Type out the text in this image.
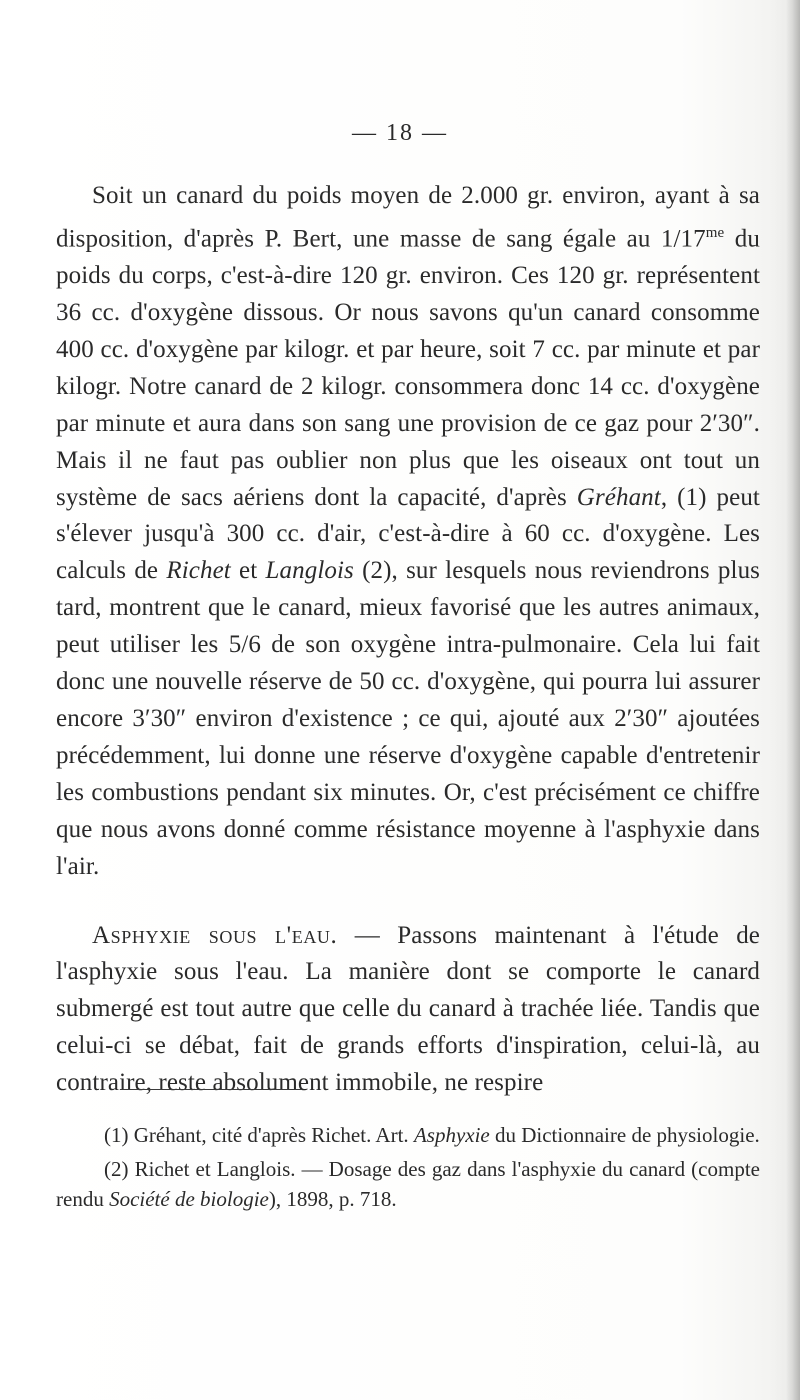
— 18 —

Soit un canard du poids moyen de 2.000 gr. environ, ayant à sa disposition, d'après P. Bert, une masse de sang égale au $1/17^{me}$ du poids du corps, c'est-à-dire 120 gr. environ. Ces 120 gr. représentent 36 cc. d'oxygène dissous. Or nous savons qu'un canard consomme 400 cc. d'oxygène par kilogr. et par heure, soit 7 cc. par minute et par kilogr. Notre canard de 2 kilogr. consommera donc 14 cc. d'oxygène par minute et aura dans son sang une provision de ce gaz pour 2′30″. Mais il ne faut pas oublier non plus que les oiseaux ont tout un système de sacs aériens dont la capacité, d'après Gréhant, (1) peut s'élever jusqu'à 300 cc. d'air, c'est-à-dire à 60 cc. d'oxygène. Les calculs de Richet et Langlois (2), sur lesquels nous reviendrons plus tard, montrent que le canard, mieux favorisé que les autres animaux, peut utiliser les 5/6 de son oxygène intra-pulmonaire. Cela lui fait donc une nouvelle réserve de 50 cc. d'oxygène, qui pourra lui assurer encore 3′30″ environ d'existence ; ce qui, ajouté aux 2′30″ ajoutées précédemment, lui donne une réserve d'oxygène capable d'entretenir les combustions pendant six minutes. Or, c'est précisément ce chiffre que nous avons donné comme résistance moyenne à l'asphyxie dans l'air.

Asphyxie sous l'eau. — Passons maintenant à l'étude de l'asphyxie sous l'eau. La manière dont se comporte le canard submergé est tout autre que celle du canard à trachée liée. Tandis que celui-ci se débat, fait de grands efforts d'inspiration, celui-là, au contraire, reste absolument immobile, ne respire

(1) Gréhant, cité d'après Richet. Art. Asphyxie du Dictionnaire de physiologie.

(2) Richet et Langlois. — Dosage des gaz dans l'asphyxie du canard (compte rendu Société de biologie), 1898, p. 718.
